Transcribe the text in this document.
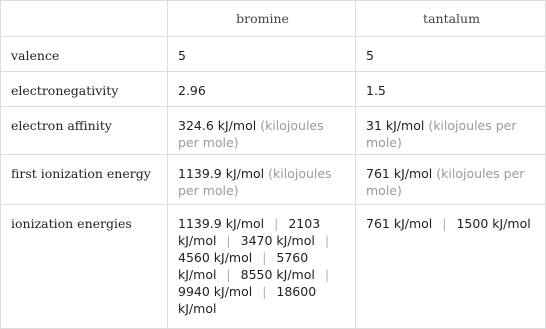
	bromine	tantalum
valence	5	5
electronegativity	2.96	1.5
electron affinity	324.6 kJ/mol (kilojoules per mole)	31 kJ/mol (kilojoules per mole)
first ionization energy	1139.9 kJ/mol (kilojoules per mole)	761 kJ/mol (kilojoules per mole)
ionization energies	1139.9 kJ/mol | 2103 kJ/mol | 3470 kJ/mol | 4560 kJ/mol | 5760 kJ/mol | 8550 kJ/mol | 9940 kJ/mol | 18600 kJ/mol	761 kJ/mol | 1500 kJ/mol
